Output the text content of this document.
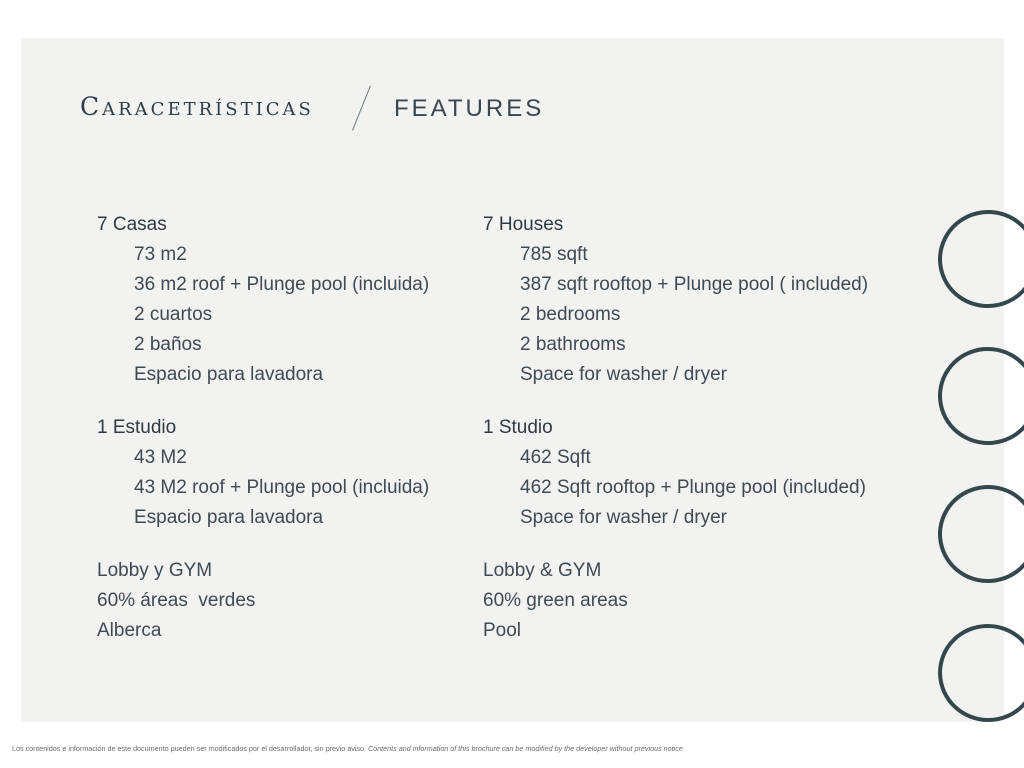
Caracetrísticas	FEATURES
7 Casas
73 m2
36 m2 roof + Plunge pool (incluida)
2 cuartos
2 baños
Espacio para lavadora
1 Estudio
43 M2
43 M2 roof + Plunge pool (incluida)
Espacio para lavadora
Lobby y GYM
60% áreas  verdes
Alberca
7 Houses
785 sqft
387 sqft rooftop + Plunge pool ( included)
2 bedrooms
2 bathrooms
Space for washer / dryer
1 Studio
462 Sqft
462 Sqft rooftop + Plunge pool (included)
Space for washer / dryer
Lobby & GYM
60% green areas
Pool
Los contenidos e información de este documento pueden ser modificados por el desarrollador, sin previo aviso. Contents and information of this brochure can be modified by the developer without previous notice
